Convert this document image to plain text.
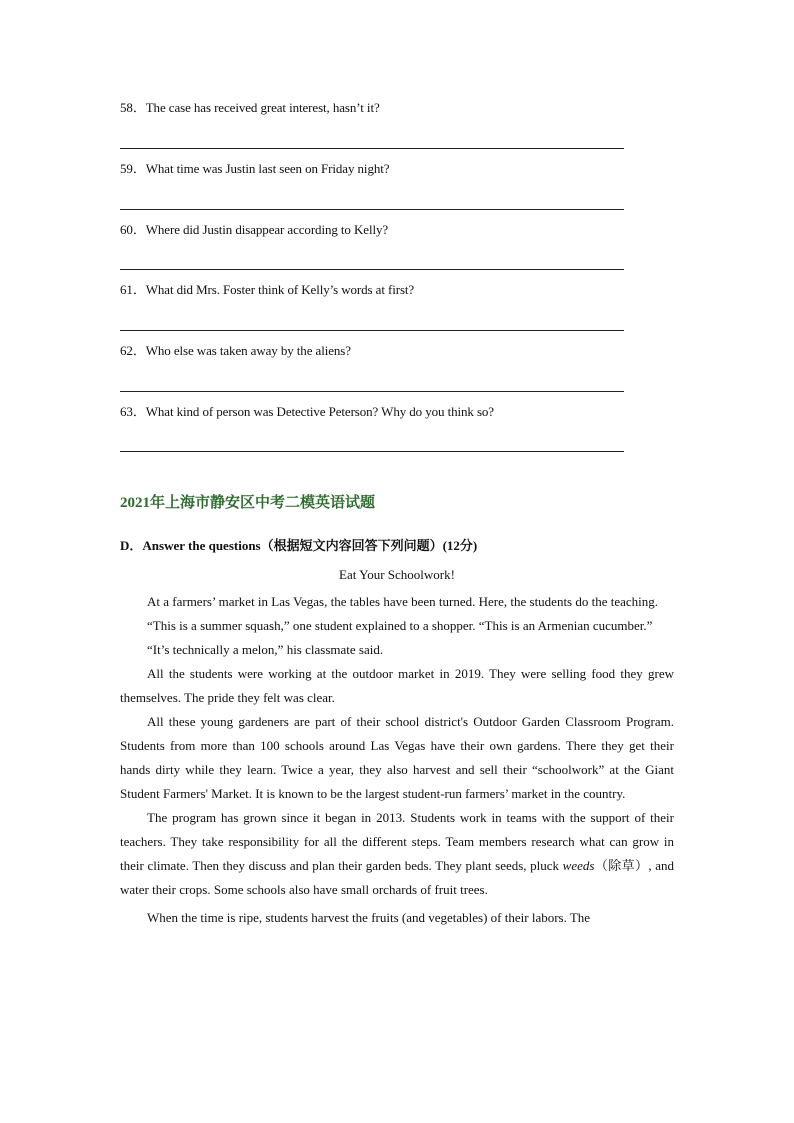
58．The case has received great interest, hasn’t it?
59．What time was Justin last seen on Friday night?
60．Where did Justin disappear according to Kelly?
61．What did Mrs. Foster think of Kelly’s words at first?
62．Who else was taken away by the aliens?
63．What kind of person was Detective Peterson? Why do you think so?
2021年上海市静安区中考二模英语试题
D．Answer the questions（根据短文内容回答下列问题）(12分)
Eat Your Schoolwork!

At a farmers’ market in Las Vegas, the tables have been turned. Here, the students do the teaching.

“This is a summer squash,” one student explained to a shopper. “This is an Armenian cucumber.”

“It’s technically a melon,” his classmate said.

All the students were working at the outdoor market in 2019. They were selling food they grew themselves. The pride they felt was clear.

All these young gardeners are part of their school district's Outdoor Garden Classroom Program. Students from more than 100 schools around Las Vegas have their own gardens. There they get their hands dirty while they learn. Twice a year, they also harvest and sell their “schoolwork” at the Giant Student Farmers' Market. It is known to be the largest student-run farmers’ market in the country.

The program has grown since it began in 2013. Students work in teams with the support of their teachers. They take responsibility for all the different steps. Team members research what can grow in their climate. Then they discuss and plan their garden beds. They plant seeds, pluck weeds（除草）, and water their crops. Some schools also have small orchards of fruit trees.

When the time is ripe, students harvest the fruits (and vegetables) of their labors. The
